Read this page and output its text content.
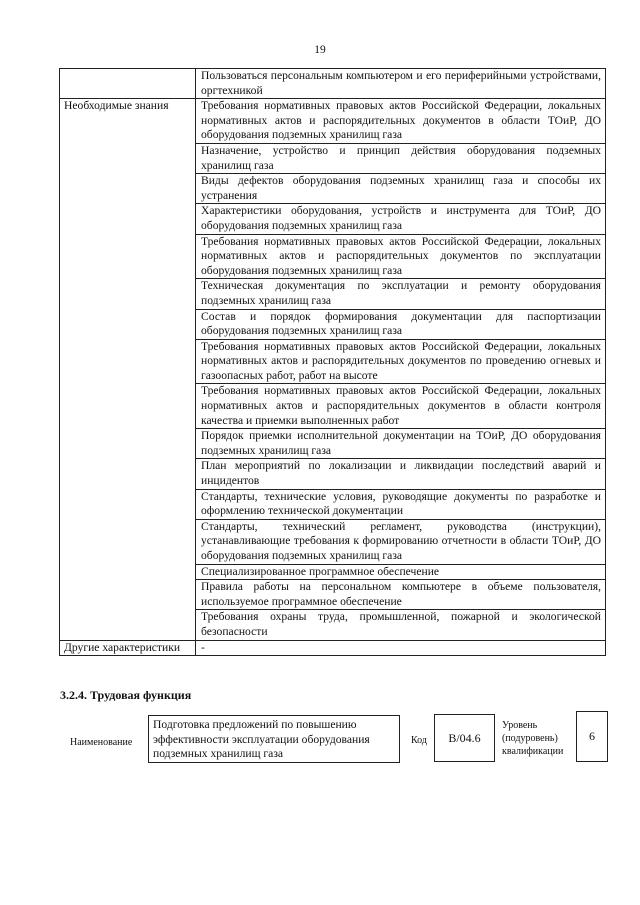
19
	Пользоваться персональным компьютером и его периферийными устройствами, оргтехникой
Необходимые знания	Требования нормативных правовых актов Российской Федерации, локальных нормативных актов и распорядительных документов в области ТОиР, ДО оборудования подземных хранилищ газа
	Назначение, устройство и принцип действия оборудования подземных хранилищ газа
	Виды дефектов оборудования подземных хранилищ газа и способы их устранения
	Характеристики оборудования, устройств и инструмента для ТОиР, ДО оборудования подземных хранилищ газа
	Требования нормативных правовых актов Российской Федерации, локальных нормативных актов и распорядительных документов по эксплуатации оборудования подземных хранилищ газа
	Техническая документация по эксплуатации и ремонту оборудования подземных хранилищ газа
	Состав и порядок формирования документации для паспортизации оборудования подземных хранилищ газа
	Требования нормативных правовых актов Российской Федерации, локальных нормативных актов и распорядительных документов по проведению огневых и газоопасных работ, работ на высоте
	Требования нормативных правовых актов Российской Федерации, локальных нормативных актов и распорядительных документов в области контроля качества и приемки выполненных работ
	Порядок приемки исполнительной документации на ТОиР, ДО оборудования подземных хранилищ газа
	План мероприятий по локализации и ликвидации последствий аварий и инцидентов
	Стандарты, технические условия, руководящие документы по разработке и оформлению технической документации
	Стандарты, технический регламент, руководства (инструкции), устанавливающие требования к формированию отчетности в области ТОиР, ДО оборудования подземных хранилищ газа
	Специализированное программное обеспечение
	Правила работы на персональном компьютере в объеме пользователя, используемое программное обеспечение
	Требования охраны труда, промышленной, пожарной и экологической безопасности
Другие характеристики	-
3.2.4. Трудовая функция
Наименование
Подготовка предложений по повышению эффективности эксплуатации оборудования подземных хранилищ газа
Код	B/04.6
Уровень (подуровень) квалификации
6
